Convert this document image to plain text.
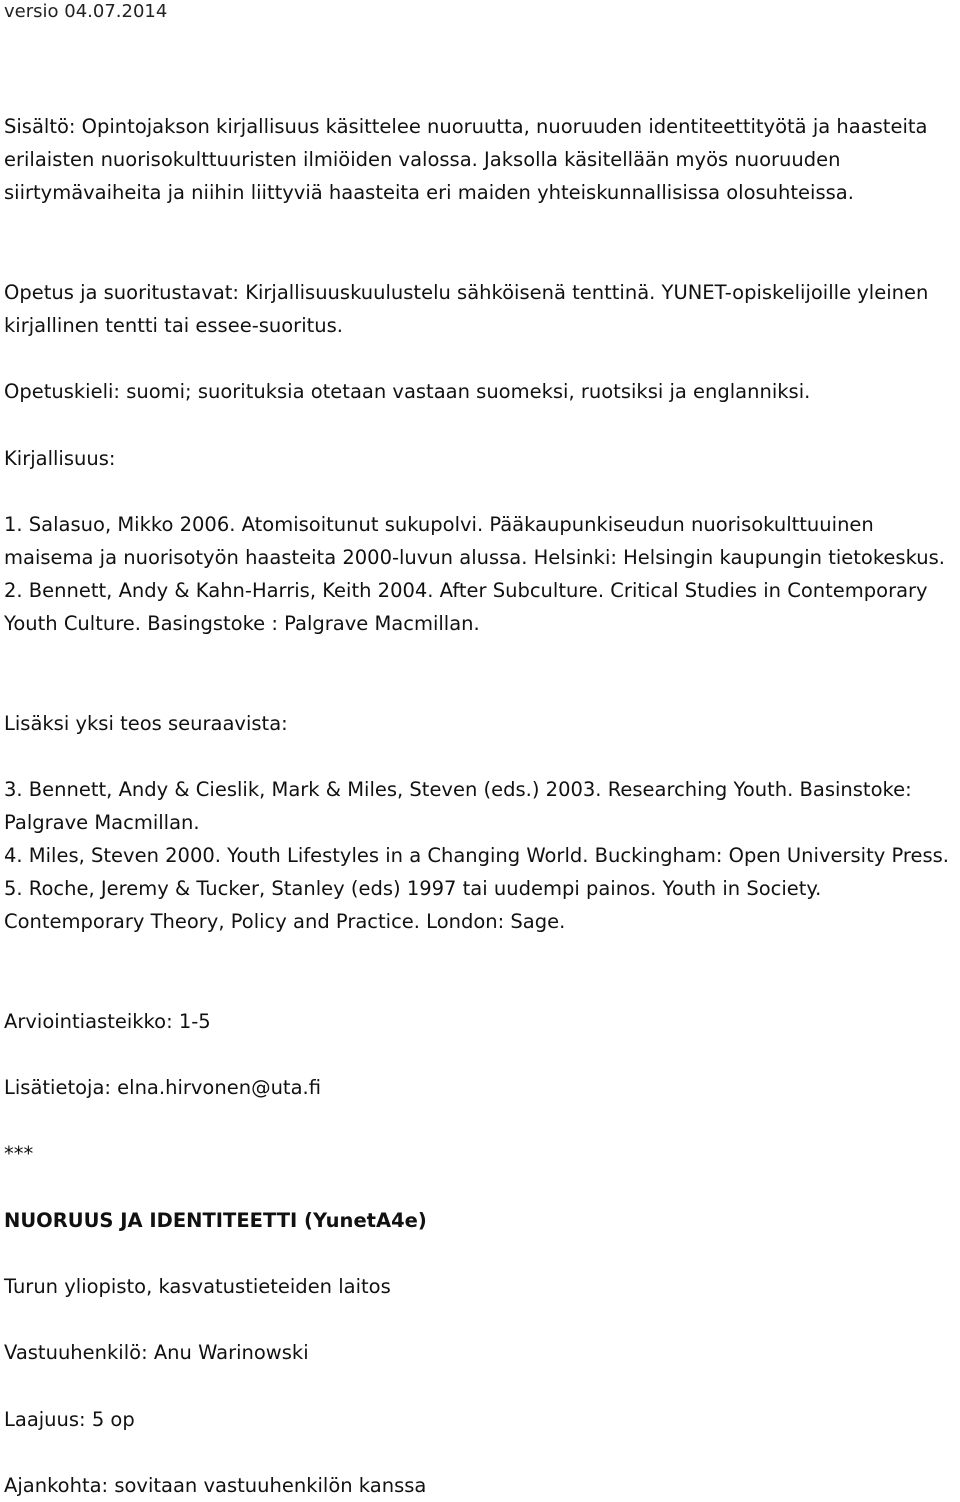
versio 04.07.2014

Sisältö: Opintojakson kirjallisuus käsittelee nuoruutta, nuoruuden identiteettityötä ja haasteita erilaisten nuorisokulttuuristen ilmiöiden valossa. Jaksolla käsitellään myös nuoruuden siirtymävaiheita ja niihin liittyviä haasteita eri maiden yhteiskunnallisissa olosuhteissa.

Opetus ja suoritustavat: Kirjallisuuskuulustelu sähköisenä tenttinä. YUNET-opiskelijoille yleinen kirjallinen tentti tai essee-suoritus.

Opetuskieli: suomi; suorituksia otetaan vastaan suomeksi, ruotsiksi ja englanniksi.

Kirjallisuus:

1. Salasuo, Mikko 2006. Atomisoitunut sukupolvi. Pääkaupunkiseudun nuorisokulttuuinen maisema ja nuorisotyön haasteita 2000-luvun alussa. Helsinki: Helsingin kaupungin tietokeskus.

2. Bennett, Andy & Kahn-Harris, Keith 2004. After Subculture. Critical Studies in Contemporary Youth Culture. Basingstoke : Palgrave Macmillan.

Lisäksi yksi teos seuraavista:

3. Bennett, Andy & Cieslik, Mark & Miles, Steven (eds.) 2003. Researching Youth. Basinstoke: Palgrave Macmillan.

4. Miles, Steven 2000. Youth Lifestyles in a Changing World. Buckingham: Open University Press.

5. Roche, Jeremy & Tucker, Stanley (eds) 1997 tai uudempi painos. Youth in Society. Contemporary Theory, Policy and Practice. London: Sage.

Arviointiasteikko: 1-5

Lisätietoja: elna.hirvonen@uta.fi

***

NUORUUS JA IDENTITEETTI (YunetA4e)

Turun yliopisto, kasvatustieteiden laitos

Vastuuhenkilö: Anu Warinowski

Laajuus: 5 op

Ajankohta: sovitaan vastuuhenkilön kanssa
